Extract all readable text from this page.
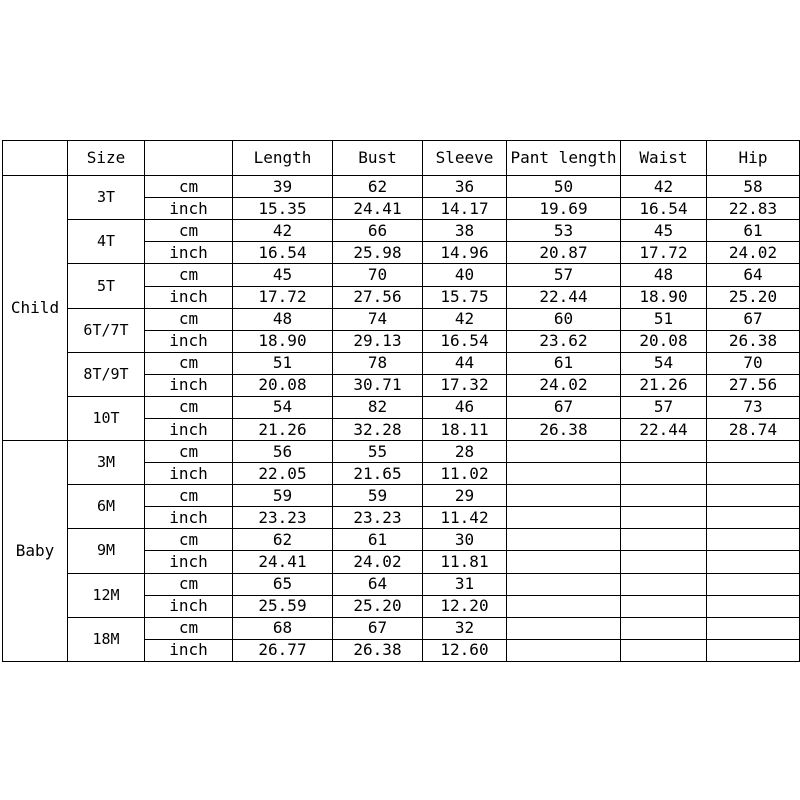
	Size		Length	Bust	Sleeve	Pant length	Waist	Hip
Child	3T	cm	39	62	36	50	42	58
		inch	15.35	24.41	14.17	19.69	16.54	22.83
	4T	cm	42	66	38	53	45	61
		inch	16.54	25.98	14.96	20.87	17.72	24.02
	5T	cm	45	70	40	57	48	64
		inch	17.72	27.56	15.75	22.44	18.90	25.20
	6T/7T	cm	48	74	42	60	51	67
		inch	18.90	29.13	16.54	23.62	20.08	26.38
	8T/9T	cm	51	78	44	61	54	70
		inch	20.08	30.71	17.32	24.02	21.26	27.56
	10T	cm	54	82	46	67	57	73
		inch	21.26	32.28	18.11	26.38	22.44	28.74
Baby	3M	cm	56	55	28			
		inch	22.05	21.65	11.02			
	6M	cm	59	59	29			
		inch	23.23	23.23	11.42			
	9M	cm	62	61	30			
		inch	24.41	24.02	11.81			
	12M	cm	65	64	31			
		inch	25.59	25.20	12.20			
	18M	cm	68	67	32			
		inch	26.77	26.38	12.60			
